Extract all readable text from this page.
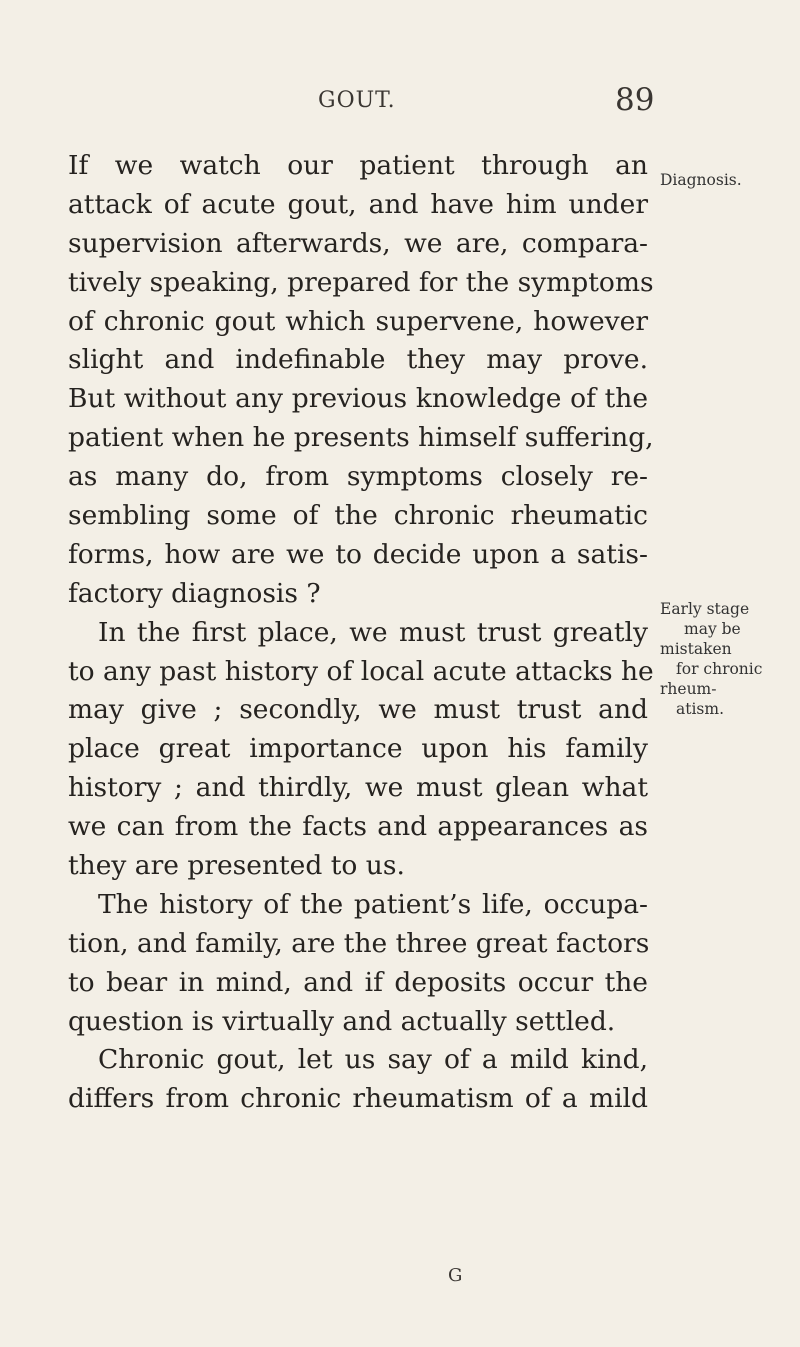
GOUT.	89
If we watch our patient through an
attack of acute gout, and have him under
supervision afterwards, we are, compara-
tively speaking, prepared for the symptoms
of chronic gout which supervene, however
slight and indefinable they may prove.
But without any previous knowledge of the
patient when he presents himself suffering,
as many do, from symptoms closely re-
sembling some of the chronic rheumatic
forms, how are we to decide upon a satis-
factory diagnosis ?
In the first place, we must trust greatly
to any past history of local acute attacks he
may give ; secondly, we must trust and
place great importance upon his family
history ; and thirdly, we must glean what
we can from the facts and appearances as
they are presented to us.
The history of the patient’s life, occupa-
tion, and family, are the three great factors
to bear in mind, and if deposits occur the
question is virtually and actually settled.
Chronic gout, let us say of a mild kind,
differs from chronic rheumatism of a mild
Diagnosis.
Early stage
may be
mistaken
for chronic
rheum-
atism.
G
